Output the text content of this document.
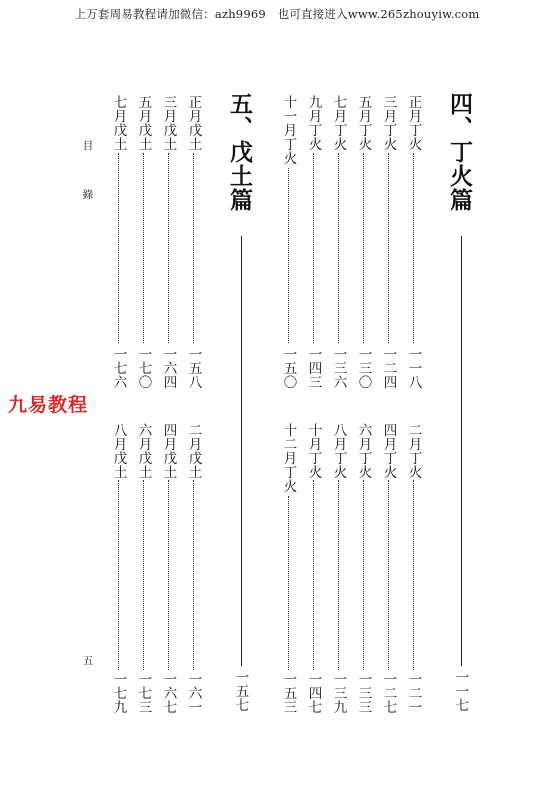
上万套周易教程请加微信：azh9969　也可直接进入www.265zhouyiw.com
四、丁火篇
一一七
正月丁火
一一八
二月丁火
一二一
三月丁火
一二四
四月丁火
一二七
五月丁火
一三〇
六月丁火
一三三
七月丁火
一三六
八月丁火
一三九
九月丁火
一四三
十月丁火
一四七
十一月丁火
一五〇
十二月丁火
一五三
五、戊土篇
一五七
正月戊土
一五八
二月戊土
一六一
三月戊土
一六四
四月戊土
一六七
五月戊土
一七〇
六月戊土
一七三
七月戊土
一七六
八月戊土
一七九
目　錄
五
九易教程
